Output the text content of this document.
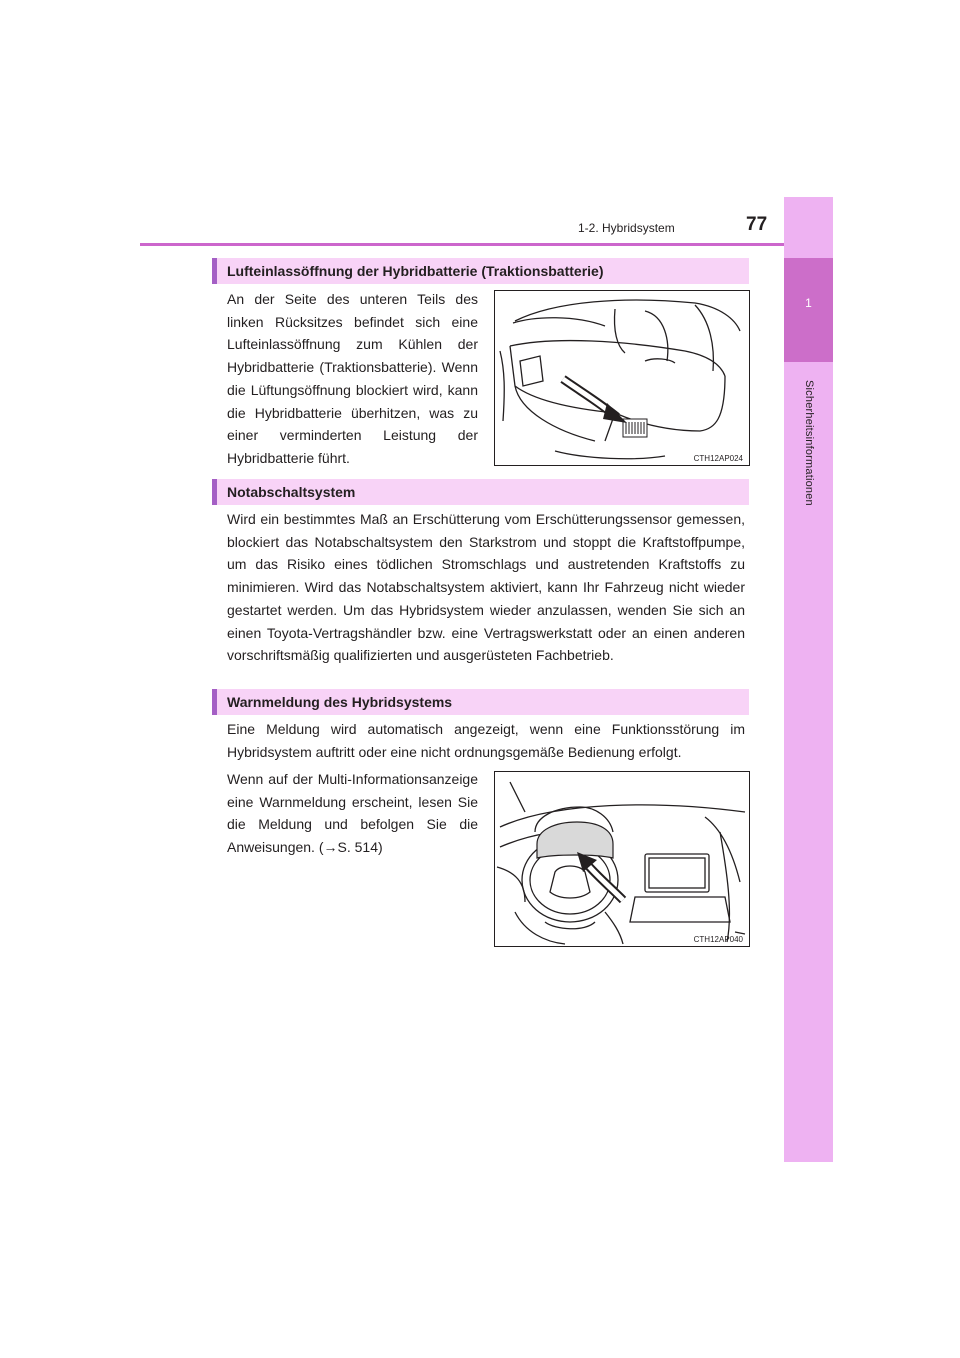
1-2. Hybridsystem	77
1
Sicherheitsinformationen
Lufteinlassöffnung der Hybridbatterie (Traktionsbatterie)
An der Seite des unteren Teils des linken Rücksitzes befindet sich eine Lufteinlassöffnung zum Kühlen der Hybridbatterie (Traktionsbatterie). Wenn die Lüftungsöffnung blockiert wird, kann die Hybridbatterie überhitzen, was zu einer verminderten Leistung der Hybridbatterie führt.	CTH12AP024
Notabschaltsystem
Wird ein bestimmtes Maß an Erschütterung vom Erschütterungssensor gemessen, blockiert das Notabschaltsystem den Starkstrom und stoppt die Kraftstoffpumpe, um das Risiko eines tödlichen Stromschlags und austretenden Kraftstoffs zu minimieren. Wird das Notabschaltsystem aktiviert, kann Ihr Fahrzeug nicht wieder gestartet werden. Um das Hybridsystem wieder anzulassen, wenden Sie sich an einen Toyota-Vertragshändler bzw. eine Vertragswerkstatt oder an einen anderen vorschriftsmäßig qualifizierten und ausgerüsteten Fachbetrieb.
Warnmeldung des Hybridsystems
Eine Meldung wird automatisch angezeigt, wenn eine Funktionsstörung im Hybridsystem auftritt oder eine nicht ordnungsgemäße Bedienung erfolgt.
Wenn auf der Multi-Informationsanzeige eine Warnmeldung erscheint, lesen Sie die Meldung und befolgen Sie die Anweisungen. (→S. 514)
CTH12AP040
